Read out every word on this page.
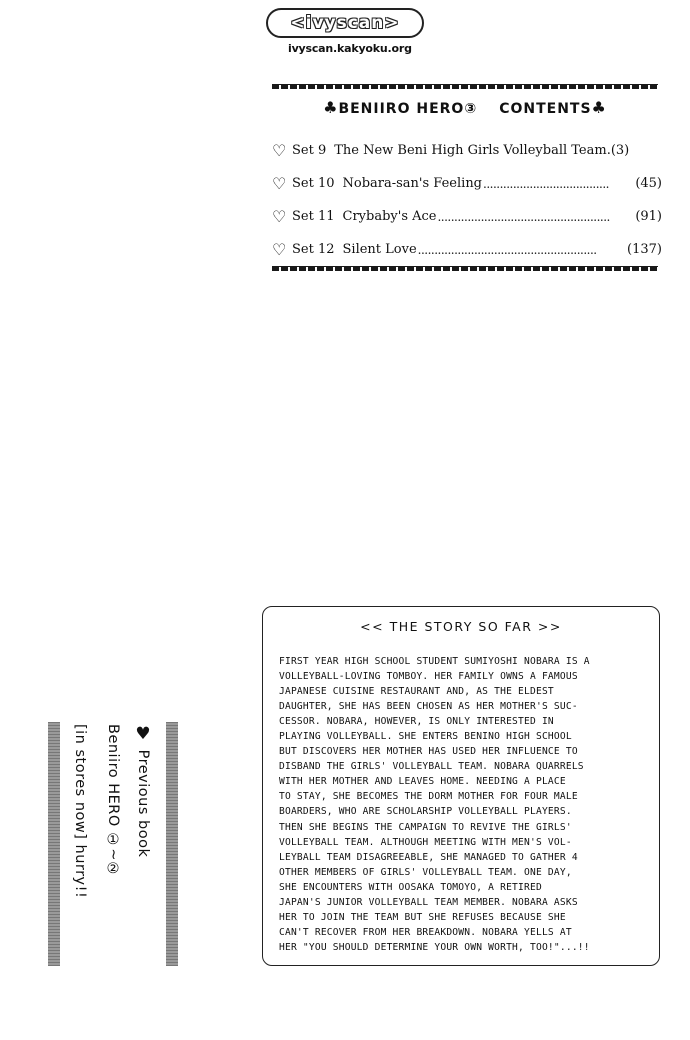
<ivyscan>
ivyscan.kakyoku.org
♣BENIIRO HERO③ CONTENTS♣
♡ Set 9 The New Beni High Girls Volleyball Team. (3)
♡ Set 10 Nobara-san's Feeling ......................................	(45)
♡ Set 11 Crybaby's Ace ....................................................	(91)
♡ Set 12 Silent Love ......................................................	(137)
<< THE STORY SO FAR >>
FIRST YEAR HIGH SCHOOL STUDENT SUMIYOSHI NOBARA IS A
VOLLEYBALL-LOVING TOMBOY. HER FAMILY OWNS A FAMOUS
JAPANESE CUISINE RESTAURANT AND, AS THE ELDEST
DAUGHTER, SHE HAS BEEN CHOSEN AS HER MOTHER'S SUC-
CESSOR. NOBARA, HOWEVER, IS ONLY INTERESTED IN
PLAYING VOLLEYBALL. SHE ENTERS BENINO HIGH SCHOOL
BUT DISCOVERS HER MOTHER HAS USED HER INFLUENCE TO
DISBAND THE GIRLS' VOLLEYBALL TEAM. NOBARA QUARRELS
WITH HER MOTHER AND LEAVES HOME. NEEDING A PLACE
TO STAY, SHE BECOMES THE DORM MOTHER FOR FOUR MALE
BOARDERS, WHO ARE SCHOLARSHIP VOLLEYBALL PLAYERS.
THEN SHE BEGINS THE CAMPAIGN TO REVIVE THE GIRLS'
VOLLEYBALL TEAM. ALTHOUGH MEETING WITH MEN'S VOL-
LEYBALL TEAM DISAGREEABLE, SHE MANAGED TO GATHER 4
OTHER MEMBERS OF GIRLS' VOLLEYBALL TEAM. ONE DAY,
SHE ENCOUNTERS WITH OOSAKA TOMOYO, A RETIRED
JAPAN'S JUNIOR VOLLEYBALL TEAM MEMBER. NOBARA ASKS
HER TO JOIN THE TEAM BUT SHE REFUSES BECAUSE SHE
CAN'T RECOVER FROM HER BREAKDOWN. NOBARA YELLS AT
HER "YOU SHOULD DETERMINE YOUR OWN WORTH, TOO!"...!!
♥ Previous book
Beniiro HERO ①~②
[in stores now] hurry!!
